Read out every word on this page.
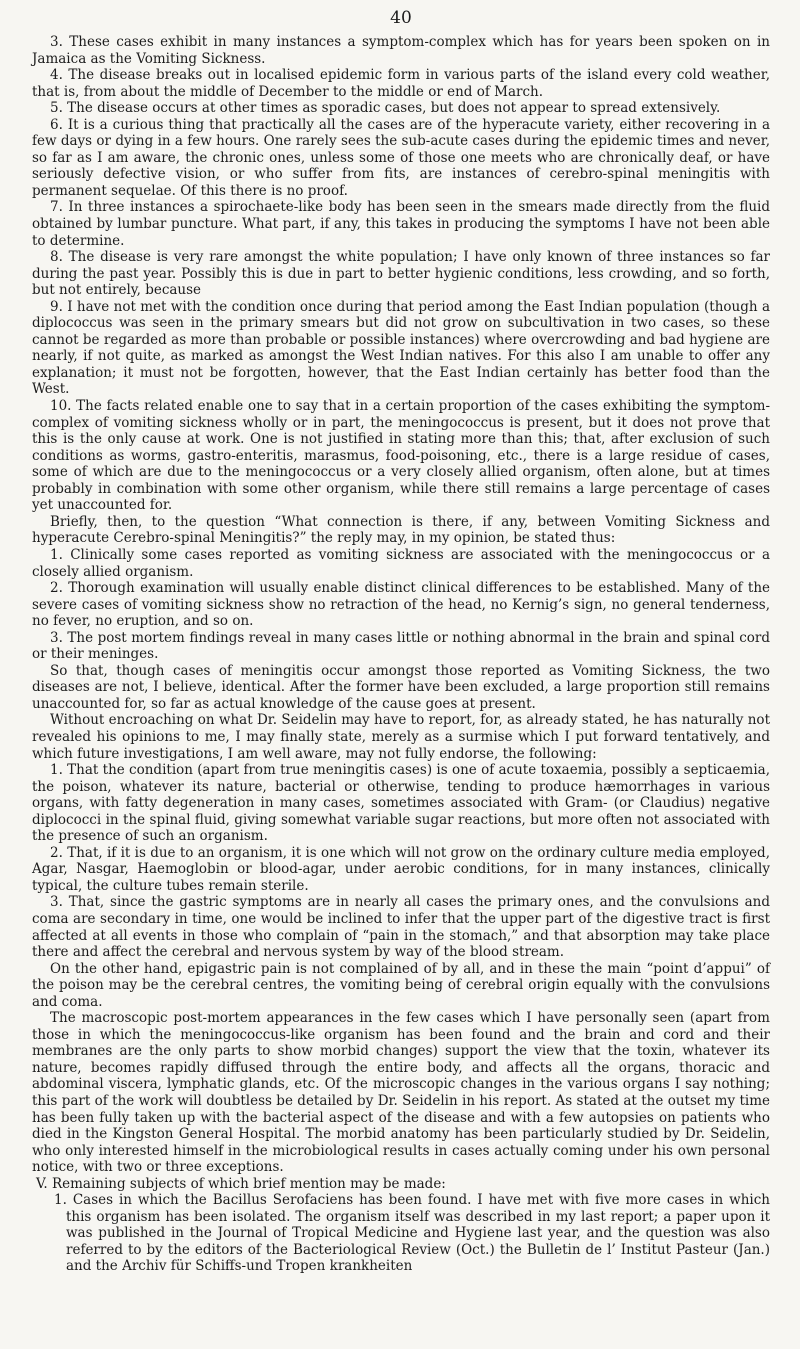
40

3. These cases exhibit in many instances a symptom-complex which has for years been spoken on in Jamaica as the Vomiting Sickness.

4. The disease breaks out in localised epidemic form in various parts of the island every cold weather, that is, from about the middle of December to the middle or end of March.

5. The disease occurs at other times as sporadic cases, but does not appear to spread extensively.

6. It is a curious thing that practically all the cases are of the hyperacute variety, either recovering in a few days or dying in a few hours. One rarely sees the sub-acute cases during the epidemic times and never, so far as I am aware, the chronic ones, unless some of those one meets who are chronically deaf, or have seriously defective vision, or who suffer from fits, are instances of cerebro-spinal meningitis with permanent sequelae. Of this there is no proof.

7. In three instances a spirochaete-like body has been seen in the smears made directly from the fluid obtained by lumbar puncture. What part, if any, this takes in producing the symptoms I have not been able to determine.

8. The disease is very rare amongst the white population; I have only known of three instances so far during the past year. Possibly this is due in part to better hygienic conditions, less crowding, and so forth, but not entirely, because

9. I have not met with the condition once during that period among the East Indian population (though a diplococcus was seen in the primary smears but did not grow on subcultivation in two cases, so these cannot be regarded as more than probable or possible instances) where overcrowding and bad hygiene are nearly, if not quite, as marked as amongst the West Indian natives. For this also I am unable to offer any explanation; it must not be forgotten, however, that the East Indian certainly has better food than the West.

10. The facts related enable one to say that in a certain proportion of the cases exhibiting the symptom-complex of vomiting sickness wholly or in part, the meningococcus is present, but it does not prove that this is the only cause at work. One is not justified in stating more than this; that, after exclusion of such conditions as worms, gastro-enteritis, marasmus, food-poisoning, etc., there is a large residue of cases, some of which are due to the meningococcus or a very closely allied organism, often alone, but at times probably in combination with some other organism, while there still remains a large percentage of cases yet unaccounted for.

Briefly, then, to the question “What connection is there, if any, between Vomiting Sickness and hyperacute Cerebro-spinal Meningitis?” the reply may, in my opinion, be stated thus:

1. Clinically some cases reported as vomiting sickness are associated with the meningococcus or a closely allied organism.

2. Thorough examination will usually enable distinct clinical differences to be established. Many of the severe cases of vomiting sickness show no retraction of the head, no Kernig’s sign, no general tenderness, no fever, no eruption, and so on.

3. The post mortem findings reveal in many cases little or nothing abnormal in the brain and spinal cord or their meninges.

So that, though cases of meningitis occur amongst those reported as Vomiting Sickness, the two diseases are not, I believe, identical. After the former have been excluded, a large proportion still remains unaccounted for, so far as actual knowledge of the cause goes at present.

Without encroaching on what Dr. Seidelin may have to report, for, as already stated, he has naturally not revealed his opinions to me, I may finally state, merely as a surmise which I put forward tentatively, and which future investigations, I am well aware, may not fully endorse, the following:

1. That the condition (apart from true meningitis cases) is one of acute toxaemia, possibly a septicaemia, the poison, whatever its nature, bacterial or otherwise, tending to produce hæmorrhages in various organs, with fatty degeneration in many cases, sometimes associated with Gram- (or Claudius) negative diplococci in the spinal fluid, giving somewhat variable sugar reactions, but more often not associated with the presence of such an organism.

2. That, if it is due to an organism, it is one which will not grow on the ordinary culture media employed, Agar, Nasgar, Haemoglobin or blood-agar, under aerobic conditions, for in many instances, clinically typical, the culture tubes remain sterile.

3. That, since the gastric symptoms are in nearly all cases the primary ones, and the convulsions and coma are secondary in time, one would be inclined to infer that the upper part of the digestive tract is first affected at all events in those who complain of “pain in the stomach,” and that absorption may take place there and affect the cerebral and nervous system by way of the blood stream.

On the other hand, epigastric pain is not complained of by all, and in these the main “point d’appui” of the poison may be the cerebral centres, the vomiting being of cerebral origin equally with the convulsions and coma.

The macroscopic post-mortem appearances in the few cases which I have personally seen (apart from those in which the meningococcus-like organism has been found and the brain and cord and their membranes are the only parts to show morbid changes) support the view that the toxin, whatever its nature, becomes rapidly diffused through the entire body, and affects all the organs, thoracic and abdominal viscera, lymphatic glands, etc. Of the microscopic changes in the various organs I say nothing; this part of the work will doubtless be detailed by Dr. Seidelin in his report. As stated at the outset my time has been fully taken up with the bacterial aspect of the disease and with a few autopsies on patients who died in the Kingston General Hospital. The morbid anatomy has been particularly studied by Dr. Seidelin, who only interested himself in the microbiological results in cases actually coming under his own personal notice, with two or three exceptions.

V. Remaining subjects of which brief mention may be made:

1. Cases in which the Bacillus Serofaciens has been found. I have met with five more cases in which this organism has been isolated. The organism itself was described in my last report; a paper upon it was published in the Journal of Tropical Medicine and Hygiene last year, and the question was also referred to by the editors of the Bacteriological Review (Oct.) the Bulletin de l’ Institut Pasteur (Jan.) and the Archiv für Schiffs-und Tropen krankheiten
